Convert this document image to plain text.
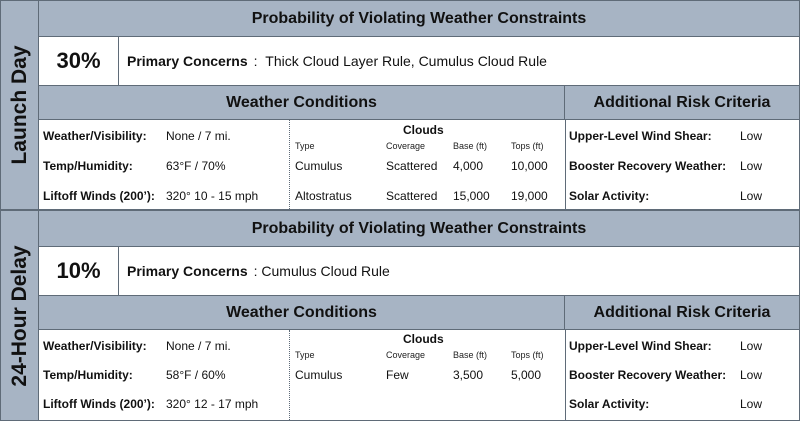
Launch Day
Probability of Violating Weather Constraints
30%	Primary Concerns : Thick Cloud Layer Rule, Cumulus Cloud Rule
Weather Conditions	Additional Risk Criteria
Weather/Visibility: None / 7 mi.
Temp/Humidity:	63°F / 70%
Liftoff Winds (200’): 320° 10 - 15 mph
Clouds
Type	Coverage	Base (ft)	Tops (ft)
Cumulus	Scattered 4,000 10,000
Altostratus	Scattered 15,000 19,000
Upper-Level Wind Shear: Low
Booster Recovery Weather: Low
Solar Activity:	Low
24-Hour Delay
Probability of Violating Weather Constraints
10%	Primary Concerns : Cumulus Cloud Rule
Weather Conditions	Additional Risk Criteria
Weather/Visibility: None / 7 mi.
Temp/Humidity:	58°F / 60%
Liftoff Winds (200’): 320° 12 - 17 mph
Clouds
Type	Coverage	Base (ft)	Tops (ft)
Cumulus	Few	3,500 5,000
Upper-Level Wind Shear: Low
Booster Recovery Weather: Low
Solar Activity:	Low
